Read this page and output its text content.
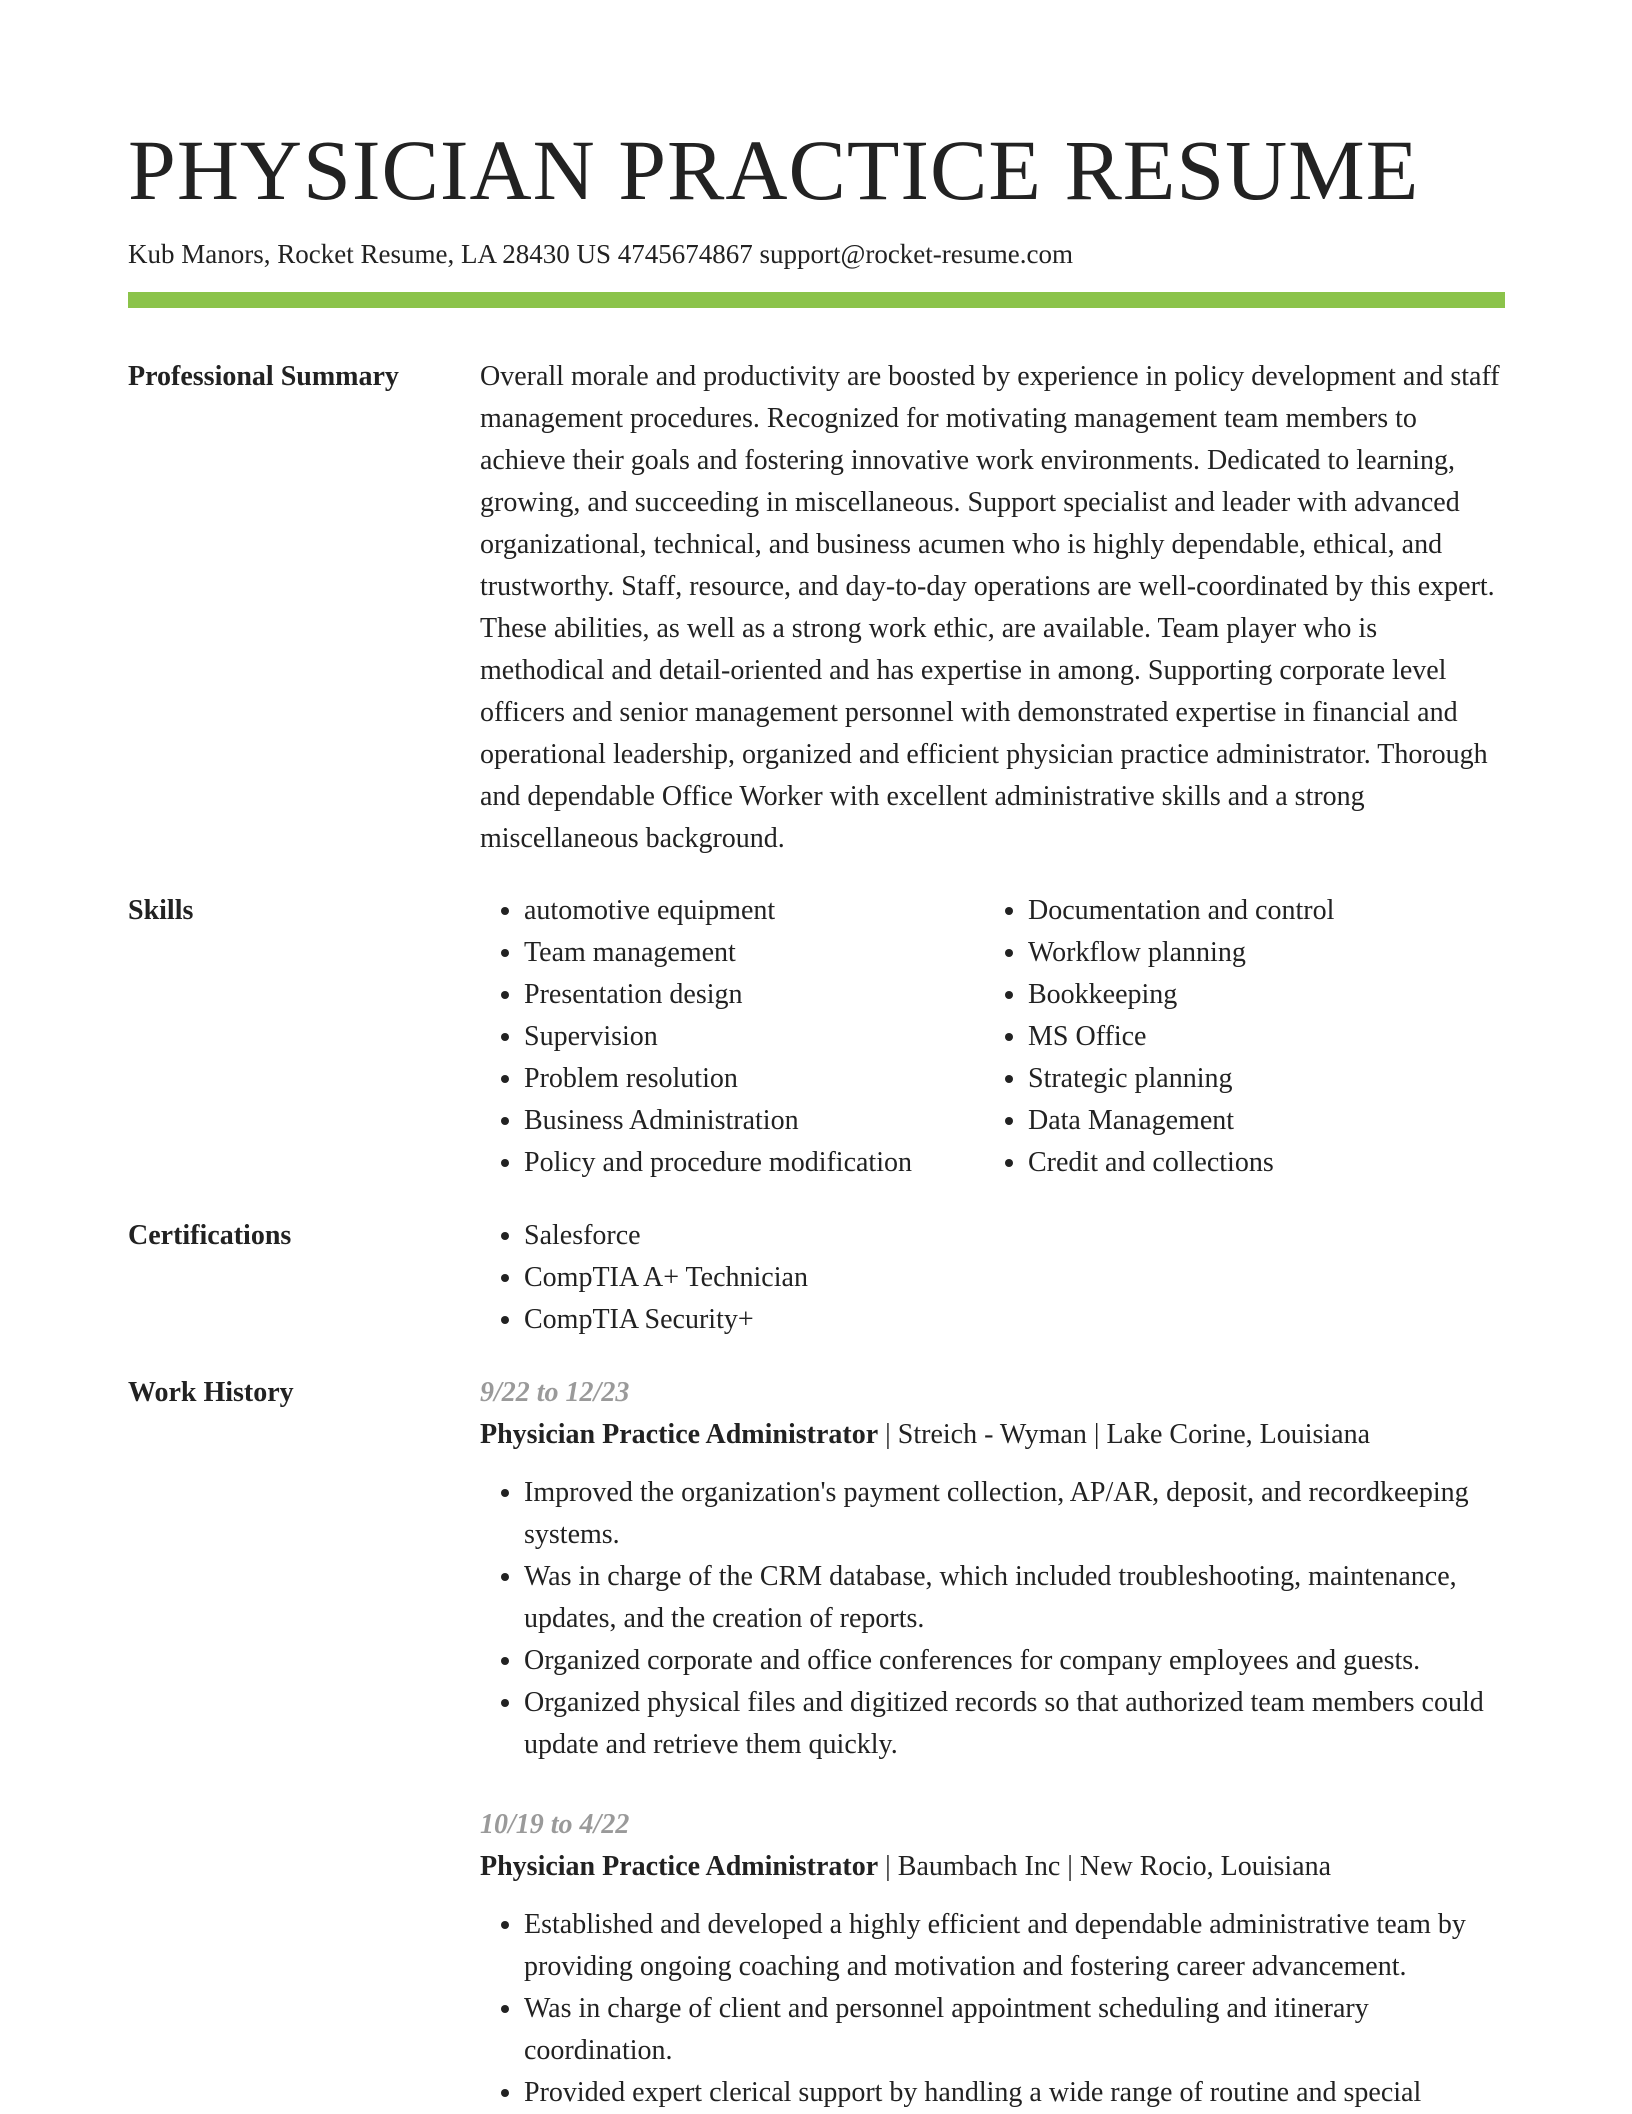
PHYSICIAN PRACTICE RESUME
Kub Manors, Rocket Resume, LA 28430 US 4745674867 support@rocket-resume.com
Professional Summary	Overall morale and productivity are boosted by experience in policy development and staff management procedures. Recognized for motivating management team members to achieve their goals and fostering innovative work environments. Dedicated to learning, growing, and succeeding in miscellaneous. Support specialist and leader with advanced organizational, technical, and business acumen who is highly dependable, ethical, and trustworthy. Staff, resource, and day-to-day operations are well-coordinated by this expert. These abilities, as well as a strong work ethic, are available. Team player who is methodical and detail-oriented and has expertise in among. Supporting corporate level officers and senior management personnel with demonstrated expertise in financial and operational leadership, organized and efficient physician practice administrator. Thorough and dependable Office Worker with excellent administrative skills and a strong miscellaneous background.

Skills	• automotive equipment
• Team management
• Presentation design
• Supervision
• Problem resolution
• Business Administration
• Policy and procedure modification
• Documentation and control
• Workflow planning
• Bookkeeping
• MS Office
• Strategic planning
• Data Management
• Credit and collections
Certifications	• Salesforce
• CompTIA A+ Technician
• CompTIA Security+
Work History	9/22 to 12/23
Physician Practice Administrator | Streich - Wyman | Lake Corine, Louisiana
• Improved the organization's payment collection, AP/AR, deposit, and recordkeeping systems.
• Was in charge of the CRM database, which included troubleshooting, maintenance, updates, and the creation of reports.
• Organized corporate and office conferences for company employees and guests.
• Organized physical files and digitized records so that authorized team members could update and retrieve them quickly.
10/19 to 4/22
Physician Practice Administrator | Baumbach Inc | New Rocio, Louisiana
• Established and developed a highly efficient and dependable administrative team by providing ongoing coaching and motivation and fostering career advancement.
• Was in charge of client and personnel appointment scheduling and itinerary coordination.
• Provided expert clerical support by handling a wide range of routine and special
